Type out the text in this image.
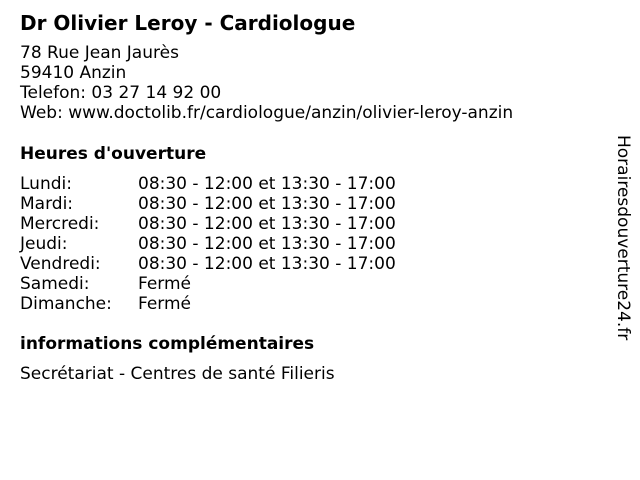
Dr Olivier Leroy - Cardiologue
78 Rue Jean Jaurès
59410 Anzin
Telefon: 03 27 14 92 00
Web: www.doctolib.fr/cardiologue/anzin/olivier-leroy-anzin
Heures d'ouverture
Lundi:	08:30 - 12:00 et 13:30 - 17:00
Mardi:	08:30 - 12:00 et 13:30 - 17:00
Mercredi: 08:30 - 12:00 et 13:30 - 17:00
Jeudi:	08:30 - 12:00 et 13:30 - 17:00
Vendredi: 08:30 - 12:00 et 13:30 - 17:00
Samedi:	Fermé
Dimanche: Fermé
informations complémentaires
Secrétariat - Centres de santé Filieris
Horairesdouverture24.fr
